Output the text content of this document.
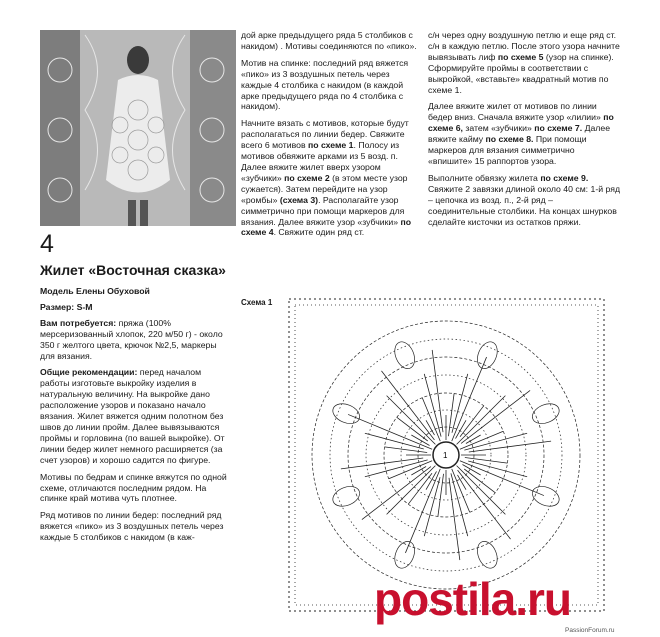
4
Жилет «Восточная сказка»
Модель Елены Обуховой
Размер: S-M

Вам потребуется: пряжа (100% мерсеризованный хлопок, 220 м/50 г) - около 350 г желтого цвета, крючок №2,5, маркеры для вязания.

Общие рекомендации: перед началом работы изготовьте выкройку изделия в натуральную величину. На выкройке дано расположение узоров и показано начало вязания. Жилет вяжется одним полотном без швов до линии пройм. Далее вывязываются проймы и горловина (по вашей выкройке). От линии бедер жилет немного расширяется (за счет узоров) и хорошо садится по фигуре.

Мотивы по бедрам и спинке вяжутся по одной схеме, отличаются последним рядом. На спинке край мотива чуть плотнее.

Ряд мотивов по линии бедер: последний ряд вяжется «пико» из 3 воздушных петель через каждые 5 столбиков с накидом (в каж-

дой арке предыдущего ряда 5 столбиков с накидом) . Мотивы соединяются по «пико».

Мотив на спинке: последний ряд вяжется «пико» из 3 воздушных петель через каждые 4 столбика с накидом (в каждой арке предыдущего ряда по 4 столбика с накидом).

Начните вязать с мотивов, которые будут располагаться по линии бедер. Свяжите всего 6 мотивов по схеме 1. Полосу из мотивов обвяжите арками из 5 возд. п. Далее вяжите жилет вверх узором «зубчики» по схеме 2 (в этом месте узор сужается). Затем перейдите на узор «ромбы» (схема 3). Располагайте узор симметрично при помощи маркеров для вязания. Далее вяжите узор «зубчики» по схеме 4. Свяжите один ряд ст.

с/н через одну воздушную петлю и еще ряд ст. с/н в каждую петлю. После этого узора начните вывязывать лиф по схеме 5 (узор на спинке). Сформируйте проймы в соответствии с выкройкой, «вставьте» квадратный мотив по схеме 1.

Далее вяжите жилет от мотивов по линии бедер вниз. Сначала вяжите узор «лилии» по схеме 6, затем «зубчики» по схеме 7. Далее вяжите кайму по схеме 8. При помощи маркеров для вязания симметрично «впишите» 15 раппортов узора.

Выполните обвязку жилета по схеме 9. Свяжите 2 завязки длиной около 40 см: 1-й ряд – цепочка из возд. п., 2-й ряд – соединительные столбики. На концах шнурков сделайте кисточки из остатков пряжи.

Схема 1
1
postila.ru
PassionForum.ru
